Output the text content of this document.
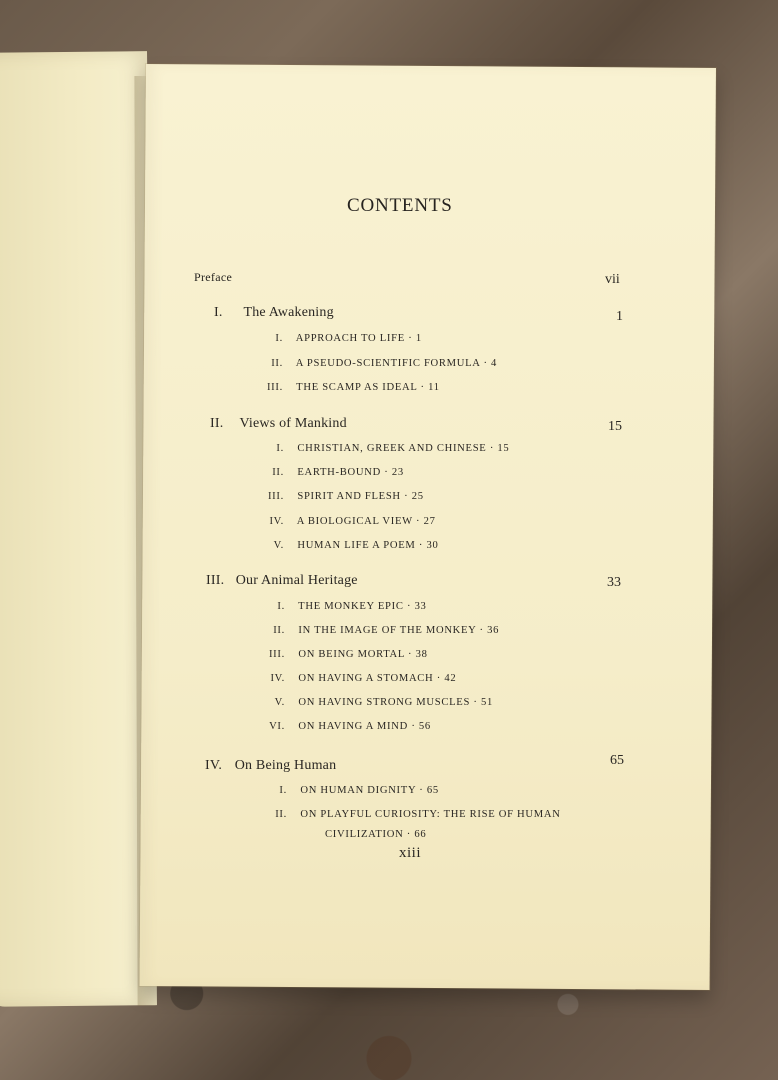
CONTENTS
Preface	vii
I. The Awakening	1
I. APPROACH TO LIFE · 1
II. A PSEUDO-SCIENTIFIC FORMULA · 4
III. THE SCAMP AS IDEAL · 11
II. Views of Mankind	15
I. CHRISTIAN, GREEK AND CHINESE · 15
II. EARTH-BOUND · 23
III. SPIRIT AND FLESH · 25
IV. A BIOLOGICAL VIEW · 27
V. HUMAN LIFE A POEM · 30
III. Our Animal Heritage	33
I. THE MONKEY EPIC · 33
II. IN THE IMAGE OF THE MONKEY · 36
III. ON BEING MORTAL · 38
IV. ON HAVING A STOMACH · 42
V. ON HAVING STRONG MUSCLES · 51
VI. ON HAVING A MIND · 56
IV. On Being Human	65
I. ON HUMAN DIGNITY · 65
II. ON PLAYFUL CURIOSITY: THE RISE OF HUMAN
CIVILIZATION · 66
xiii
